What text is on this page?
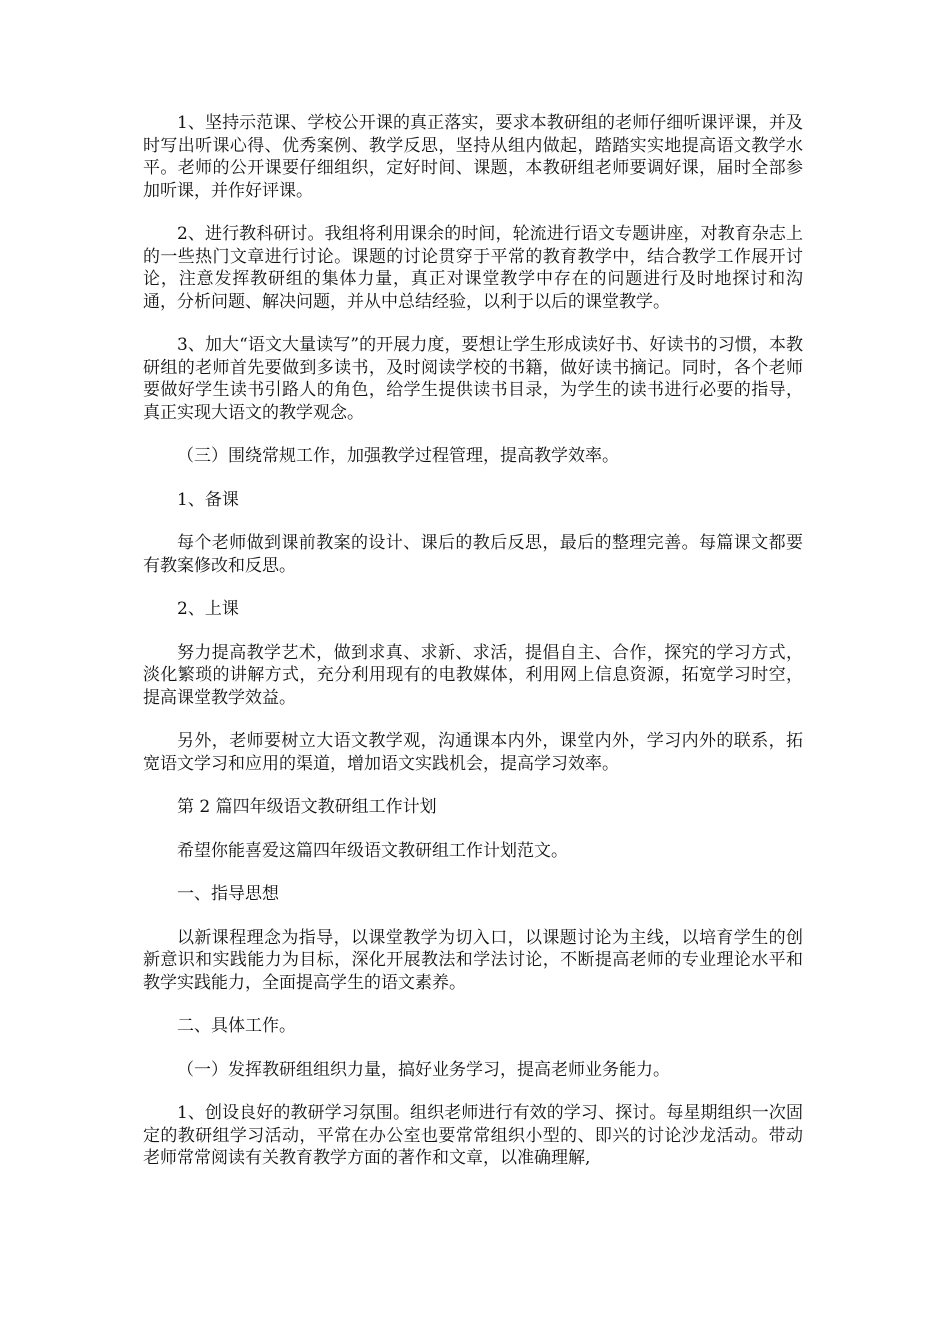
1、坚持示范课、学校公开课的真正落实，要求本教研组的老师仔细听课评课，并及时写出听课心得、优秀案例、教学反思，坚持从组内做起，踏踏实实地提高语文教学水平。老师的公开课要仔细组织，定好时间、课题，本教研组老师要调好课，届时全部参加听课，并作好评课。

2、进行教科研讨。我组将利用课余的时间，轮流进行语文专题讲座，对教育杂志上的一些热门文章进行讨论。课题的讨论贯穿于平常的教育教学中，结合教学工作展开讨论，注意发挥教研组的集体力量，真正对课堂教学中存在的问题进行及时地探讨和沟通，分析问题、解决问题，并从中总结经验，以利于以后的课堂教学。

3、加大“语文大量读写”的开展力度，要想让学生形成读好书、好读书的习惯，本教研组的老师首先要做到多读书，及时阅读学校的书籍，做好读书摘记。同时，各个老师要做好学生读书引路人的角色，给学生提供读书目录，为学生的读书进行必要的指导，真正实现大语文的教学观念。

（三）围绕常规工作，加强教学过程管理，提高教学效率。

1、备课

每个老师做到课前教案的设计、课后的教后反思，最后的整理完善。每篇课文都要有教案修改和反思。

2、上课

努力提高教学艺术，做到求真、求新、求活，提倡自主、合作，探究的学习方式，淡化繁琐的讲解方式，充分利用现有的电教媒体，利用网上信息资源，拓宽学习时空，提高课堂教学效益。

另外，老师要树立大语文教学观，沟通课本内外，课堂内外，学习内外的联系，拓宽语文学习和应用的渠道，增加语文实践机会，提高学习效率。

第 2 篇四年级语文教研组工作计划

希望你能喜爱这篇四年级语文教研组工作计划范文。

一、指导思想

以新课程理念为指导，以课堂教学为切入口，以课题讨论为主线，以培育学生的创新意识和实践能力为目标，深化开展教法和学法讨论，不断提高老师的专业理论水平和教学实践能力，全面提高学生的语文素养。

二、具体工作。

（一）发挥教研组组织力量，搞好业务学习，提高老师业务能力。

1、创设良好的教研学习氛围。组织老师进行有效的学习、探讨。每星期组织一次固定的教研组学习活动，平常在办公室也要常常组织小型的、即兴的讨论沙龙活动。带动老师常常阅读有关教育教学方面的著作和文章，以准确理解,
